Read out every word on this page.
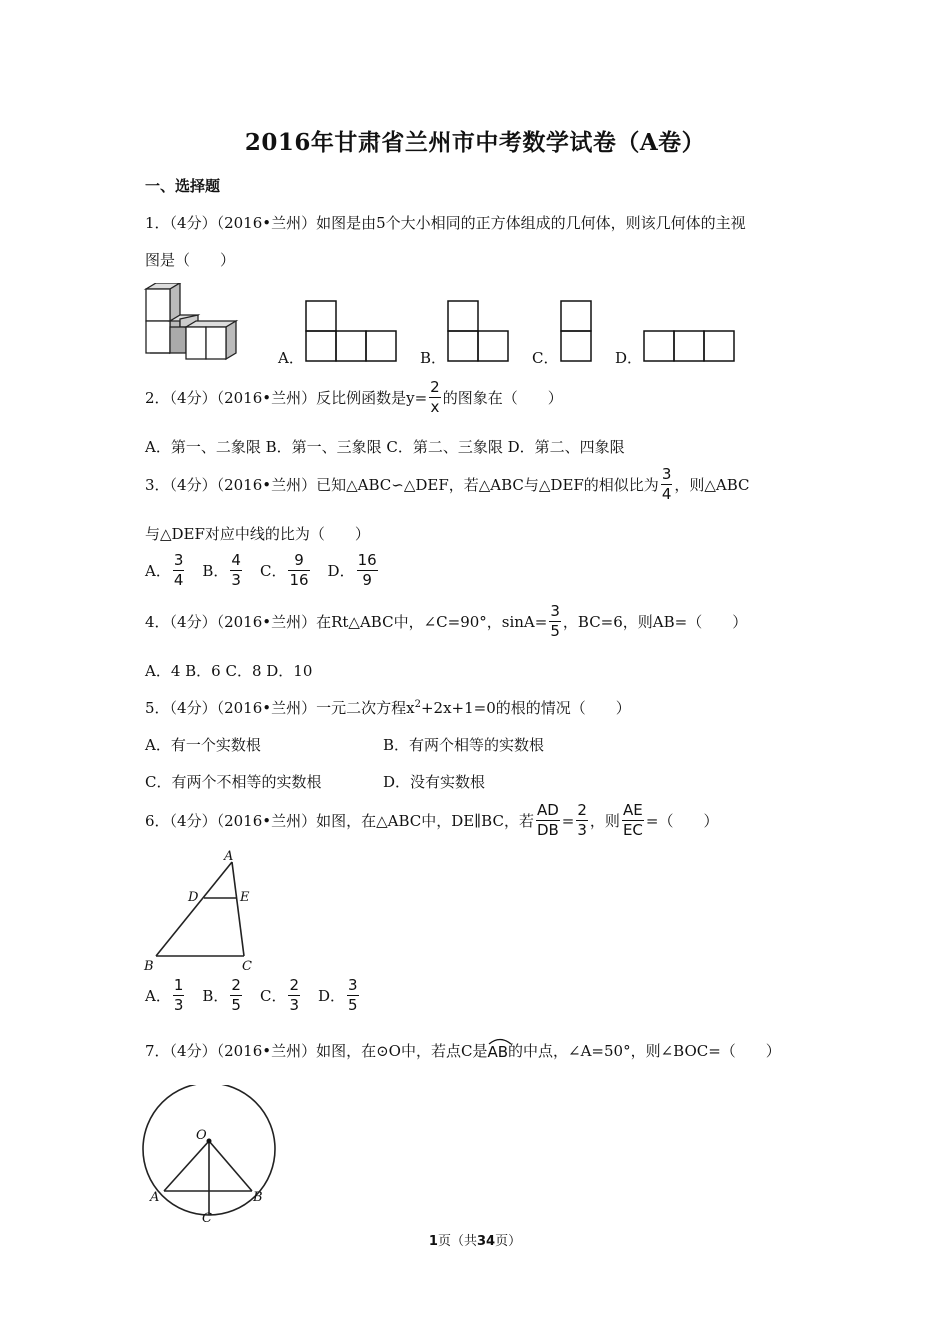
2016年甘肃省兰州市中考数学试卷（A卷）
一、选择题
1．（4分）（2016•兰州）如图是由5个大小相同的正方体组成的几何体，则该几何体的主视
图是（　　）
A．	B．	C．	D．
2．（4分）（2016•兰州）反比例函数是 $y= \frac{2}{x}$ 的图象在（　　）
A．第一、二象限 B．第一、三象限 C．第二、三象限 D．第二、四象限
3．（4分）（2016•兰州）已知△ABC∽△DEF，若△ABC与△DEF的相似比为 $\frac{3}{4}$ ，则△ABC
与△DEF对应中线的比为（　　）
A． $\frac{3}{4}$ B． $\frac{4}{3}$ C． $\frac{9}{16}$ D． $\frac{16}{9}$
4．（4分）（2016•兰州）在Rt△ABC中，∠C=90°，$\sin A= \frac{3}{5}$ ，BC=6，则AB=（　　）
A．4 B．6 C．8 D．10
5．（4分）（2016•兰州）一元二次方程$x^2+2x+1=0$的根的情况（　　）
A．有一个实数根	B．有两个相等的实数根
C．有两个不相等的实数根	D．没有实数根
6．（4分）（2016•兰州）如图，在△ABC中，DE∥BC，若 $\frac{AD}{DB} = \frac{2}{3}$ ，则 $\frac{AE}{EC}$ =（　　）
A
D	E
B	C
A． $\frac{1}{3}$ B． $\frac{2}{5}$ C． $\frac{2}{3}$ D． $\frac{3}{5}$
7．（4分）（2016•兰州）如图，在⊙O中，若点C是 AB 的中点，∠A=50°，则∠BOC=（　　）
O
A	B
C
1页（共34页）
